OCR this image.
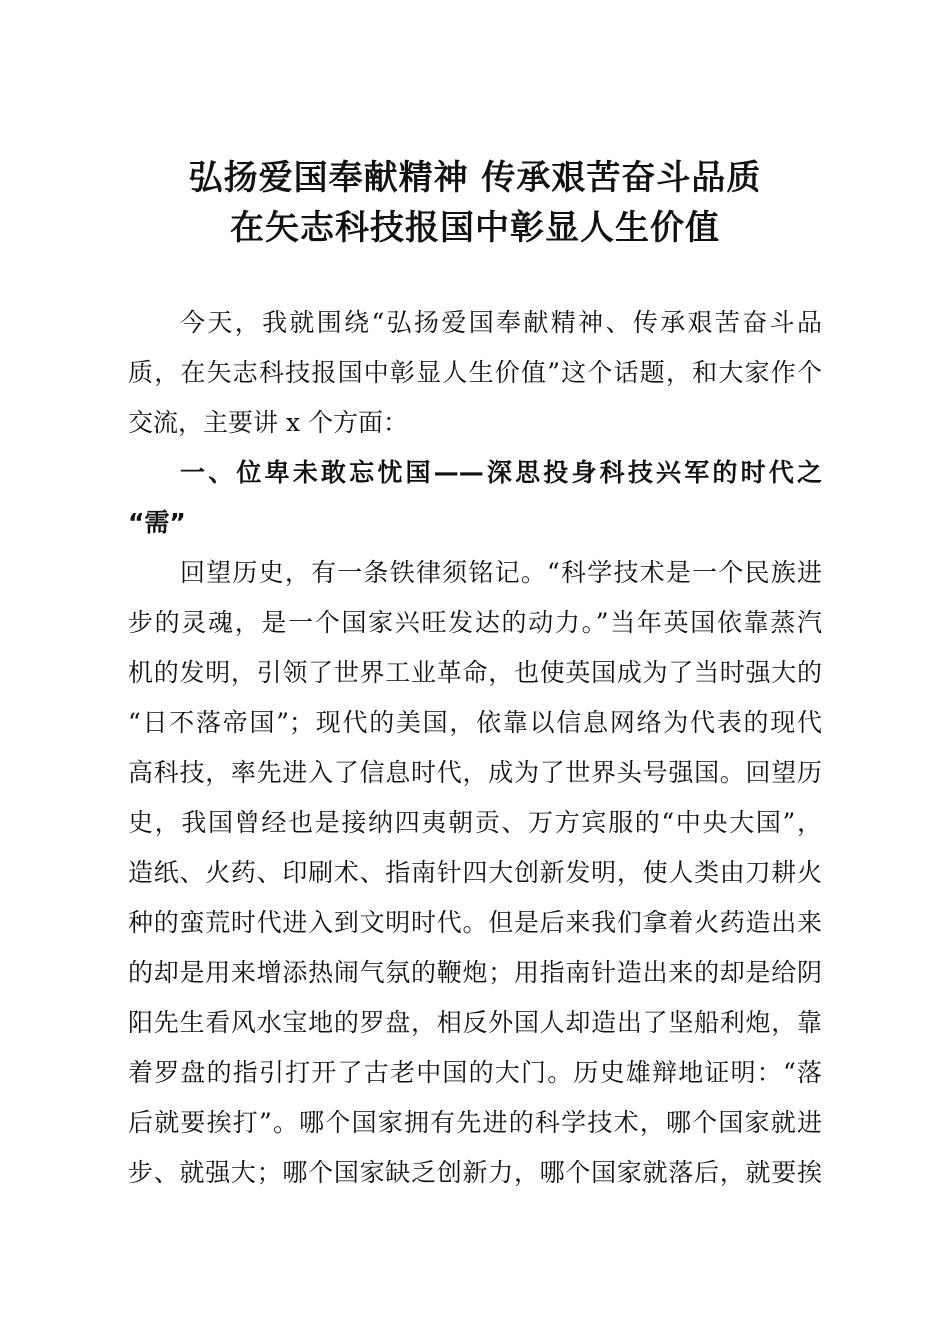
弘扬爱国奉献精神 传承艰苦奋斗品质
在矢志科技报国中彰显人生价值
今天，我就围绕“弘扬爱国奉献精神、传承艰苦奋斗品
质，在矢志科技报国中彰显人生价值”这个话题，和大家作个
交流，主要讲 x 个方面：
一、位卑未敢忘忧国——深思投身科技兴军的时代之
“需”
回望历史，有一条铁律须铭记。“科学技术是一个民族进
步的灵魂，是一个国家兴旺发达的动力。”当年英国依靠蒸汽
机的发明，引领了世界工业革命，也使英国成为了当时强大的
“日不落帝国”；现代的美国，依靠以信息网络为代表的现代
高科技，率先进入了信息时代，成为了世界头号强国。回望历
史，我国曾经也是接纳四夷朝贡、万方宾服的“中央大国”，
造纸、火药、印刷术、指南针四大创新发明，使人类由刀耕火
种的蛮荒时代进入到文明时代。但是后来我们拿着火药造出来
的却是用来增添热闹气氛的鞭炮；用指南针造出来的却是给阴
阳先生看风水宝地的罗盘，相反外国人却造出了坚船利炮，靠
着罗盘的指引打开了古老中国的大门。历史雄辩地证明：“落
后就要挨打”。哪个国家拥有先进的科学技术，哪个国家就进
步、就强大；哪个国家缺乏创新力，哪个国家就落后，就要挨
